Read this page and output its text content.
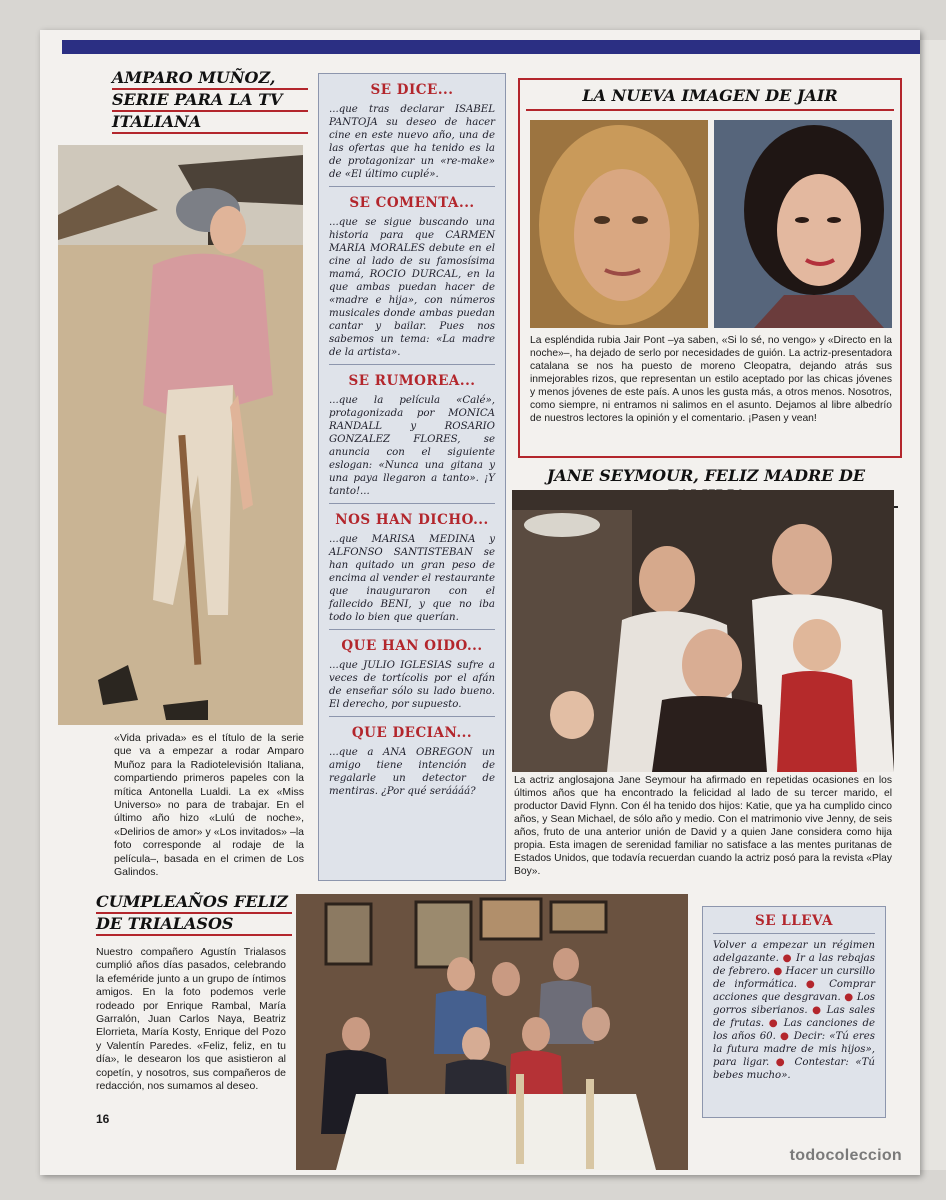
AMPARO MUÑOZ,
SERIE PARA LA TV
ITALIANA
«Vida privada» es el título de la serie que va a empezar a rodar Amparo Muñoz para la Radiotelevisión Italiana, compartiendo primeros papeles con la mítica Antonella Lualdi. La ex «Miss Universo» no para de trabajar. En el último año hizo «Lulú de noche», «Delirios de amor» y «Los invitados» –la foto corresponde al rodaje de la película–, basada en el crimen de Los Galindos.
CUMPLEAÑOS FELIZ
DE TRIALASOS
Nuestro compañero Agustín Trialasos cumplió años días pasados, celebrando la efeméride junto a un grupo de íntimos amigos. En la foto podemos verle rodeado por Enrique Rambal, María Garralón, Juan Carlos Naya, Beatriz Elorrieta, María Kosty, Enrique del Pozo y Valentín Paredes. «Feliz, feliz, en tu día», le desearon los que asistieron al copetín, y nosotros, sus compañeros de redacción, nos sumamos al deseo.
16
SE DICE...
...que tras declarar ISABEL PANTOJA su deseo de hacer cine en este nuevo año, una de las ofertas que ha tenido es la de protagonizar un «re-make» de «El último cuplé».
SE COMENTA...
...que se sigue buscando una historia para que CARMEN MARIA MORALES debute en el cine al lado de su famosísima mamá, ROCIO DURCAL, en la que ambas puedan hacer de «madre e hija», con números musicales donde ambas puedan cantar y bailar. Pues nos sabemos un tema: «La madre de la artista».
SE RUMOREA...
...que la película «Calé», protagonizada por MONICA RANDALL y ROSARIO GONZALEZ FLORES, se anuncia con el siguiente eslogan: «Nunca una gitana y una paya llegaron a tanto». ¡Y tanto!...
NOS HAN DICHO...
...que MARISA MEDINA y ALFONSO SANTISTEBAN se han quitado un gran peso de encima al vender el restaurante que inauguraron con el fallecido BENI, y que no iba todo lo bien que querían.
QUE HAN OIDO...
...que JULIO IGLESIAS sufre a veces de tortícolis por el afán de enseñar sólo su lado bueno. El derecho, por supuesto.
QUE DECIAN...
...que a ANA OBREGON un amigo tiene intención de regalarle un detector de mentiras. ¿Por qué seráááá?
LA NUEVA IMAGEN DE JAIR
La espléndida rubia Jair Pont –ya saben, «Si lo sé, no vengo» y «Directo en la noche»–, ha dejado de serlo por necesidades de guión. La actriz-presentadora catalana se nos ha puesto de moreno Cleopatra, dejando atrás sus inmejorables rizos, que representan un estilo aceptado por las chicas jóvenes y menos jóvenes de este país. A unos les gusta más, a otros menos. Nosotros, como siempre, ni entramos ni salimos en el asunto. Dejamos al libre albedrío de nuestros lectores la opinión y el comentario. ¡Pasen y vean!
JANE SEYMOUR, FELIZ MADRE DE
La actriz anglosajona Jane Seymour ha afirmado en repetidas ocasiones en los últimos años que ha encontrado la felicidad al lado de su tercer marido, el productor David Flynn. Con él ha tenido dos hijos: Katie, que ya ha cumplido cinco años, y Sean Michael, de sólo año y medio. Con el matrimonio vive Jenny, de seis años, fruto de una anterior unión de David y a quien Jane considera como hija propia. Esta imagen de serenidad familiar no satisface a las mentes puritanas de Estados Unidos, que todavía recuerdan cuando la actriz posó para la revista «Play Boy».
SE LLEVA
Volver a empezar un régimen adelgazante. ● Ir a las rebajas de febrero. ● Hacer un cursillo de informática. ● Comprar acciones que desgravan. ● Los gorros siberianos. ● Las sales de frutas. ● Las canciones de los años 60. ● Decir: «Tú eres la futura madre de mis hijos», para ligar. ● Contestar: «Tú bebes mucho».
todocoleccion
